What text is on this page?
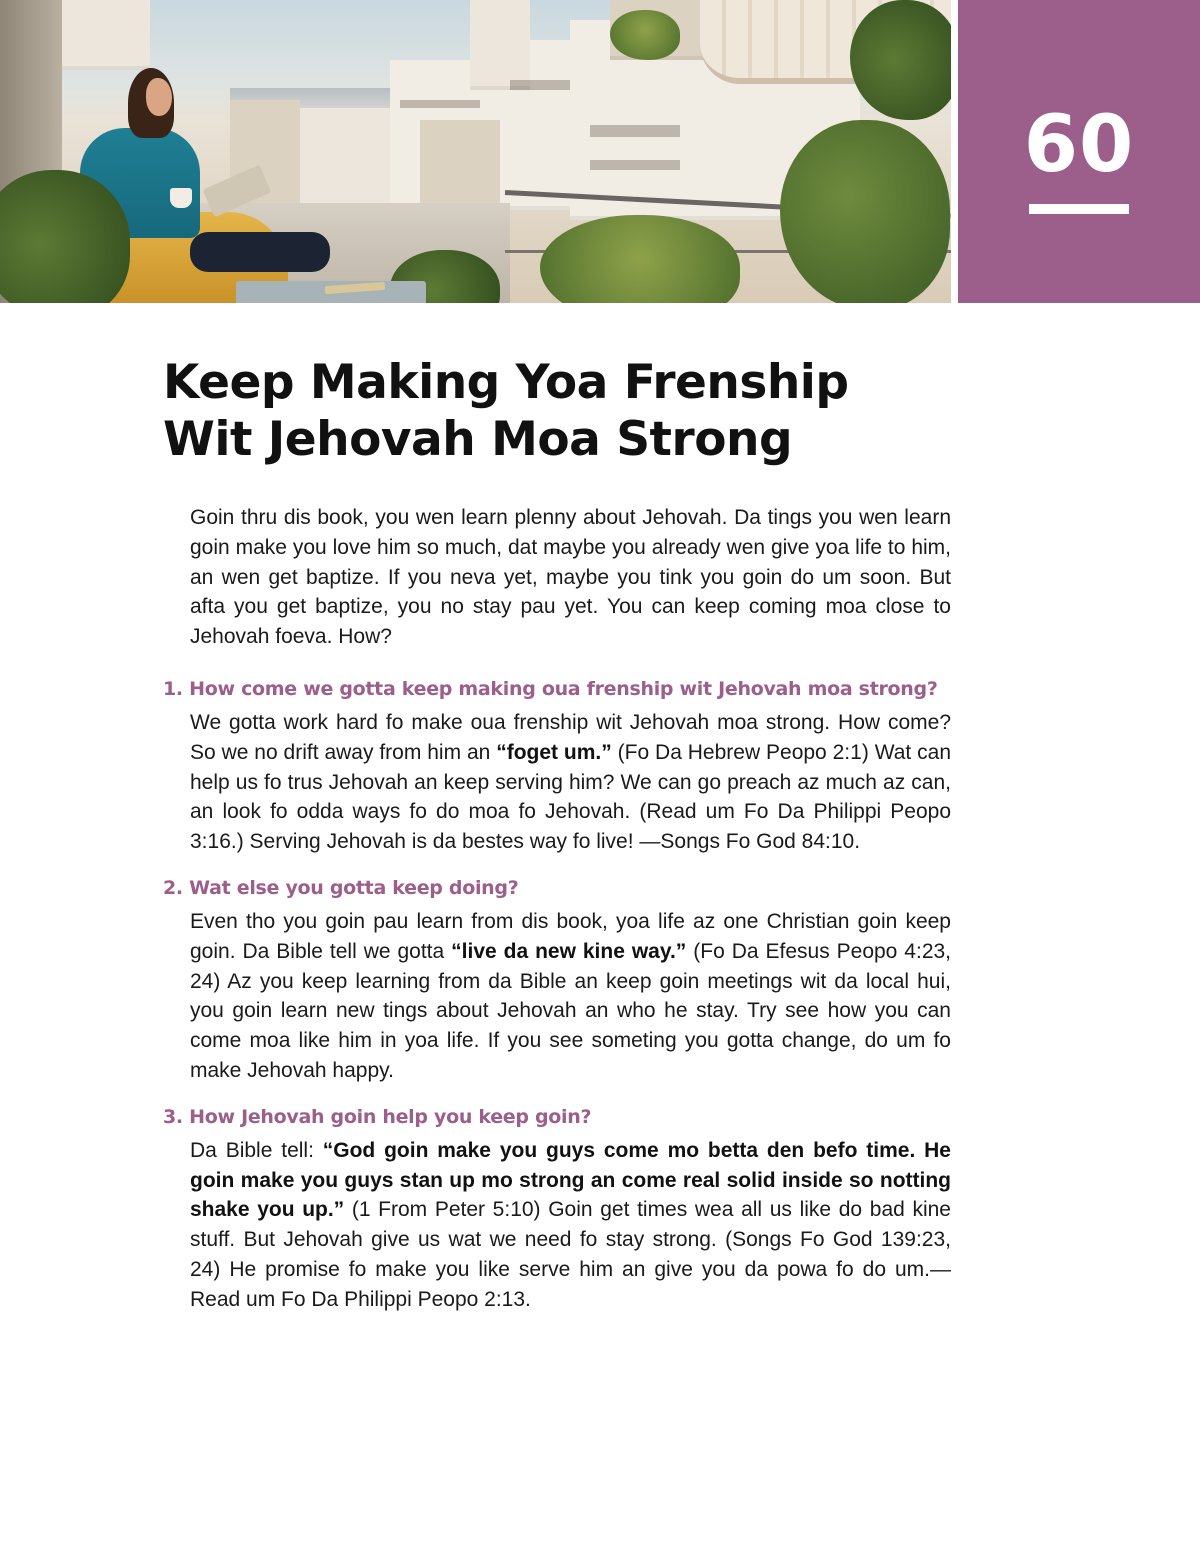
60
Keep Making Yoa Frenship
Wit Jehovah Moa Strong

Goin thru dis book, you wen learn plenny about Jehovah. Da tings you wen learn goin make you love him so much, dat maybe you already wen give yoa life to him, an wen get baptize. If you neva yet, maybe you tink you goin do um soon. But afta you get baptize, you no stay pau yet. You can keep coming moa close to Jehovah foeva. How?

1. How come we gotta keep making oua frenship wit Jehovah moa strong?

We gotta work hard fo make oua frenship wit Jehovah moa strong. How come? So we no drift away from him an “foget um.” (Fo Da Hebrew Peopo 2:1) Wat can help us fo trus Jehovah an keep serving him? We can go preach az much az can, an look fo odda ways fo do moa fo Jehovah. (Read um Fo Da Philippi Peopo 3:16.) Serving Jehovah is da bestes way fo live! —Songs Fo God 84:10.

2. Wat else you gotta keep doing?

Even tho you goin pau learn from dis book, yoa life az one Christian goin keep goin. Da Bible tell we gotta “live da new kine way.” (Fo Da Efesus Peopo 4:23, 24) Az you keep learning from da Bible an keep goin meetings wit da local hui, you goin learn new tings about Jehovah an who he stay. Try see how you can come moa like him in yoa life. If you see someting you gotta change, do um fo make Jehovah happy.

3. How Jehovah goin help you keep goin?

Da Bible tell: “God goin make you guys come mo betta den befo time. He goin make you guys stan up mo strong an come real solid inside so notting shake you up.” (1 From Peter 5:10) Goin get times wea all us like do bad kine stuff. But Jehovah give us wat we need fo stay strong. (Songs Fo God 139:23, 24) He promise fo make you like serve him an give you da powa fo do um.—Read um Fo Da Philippi Peopo 2:13.
